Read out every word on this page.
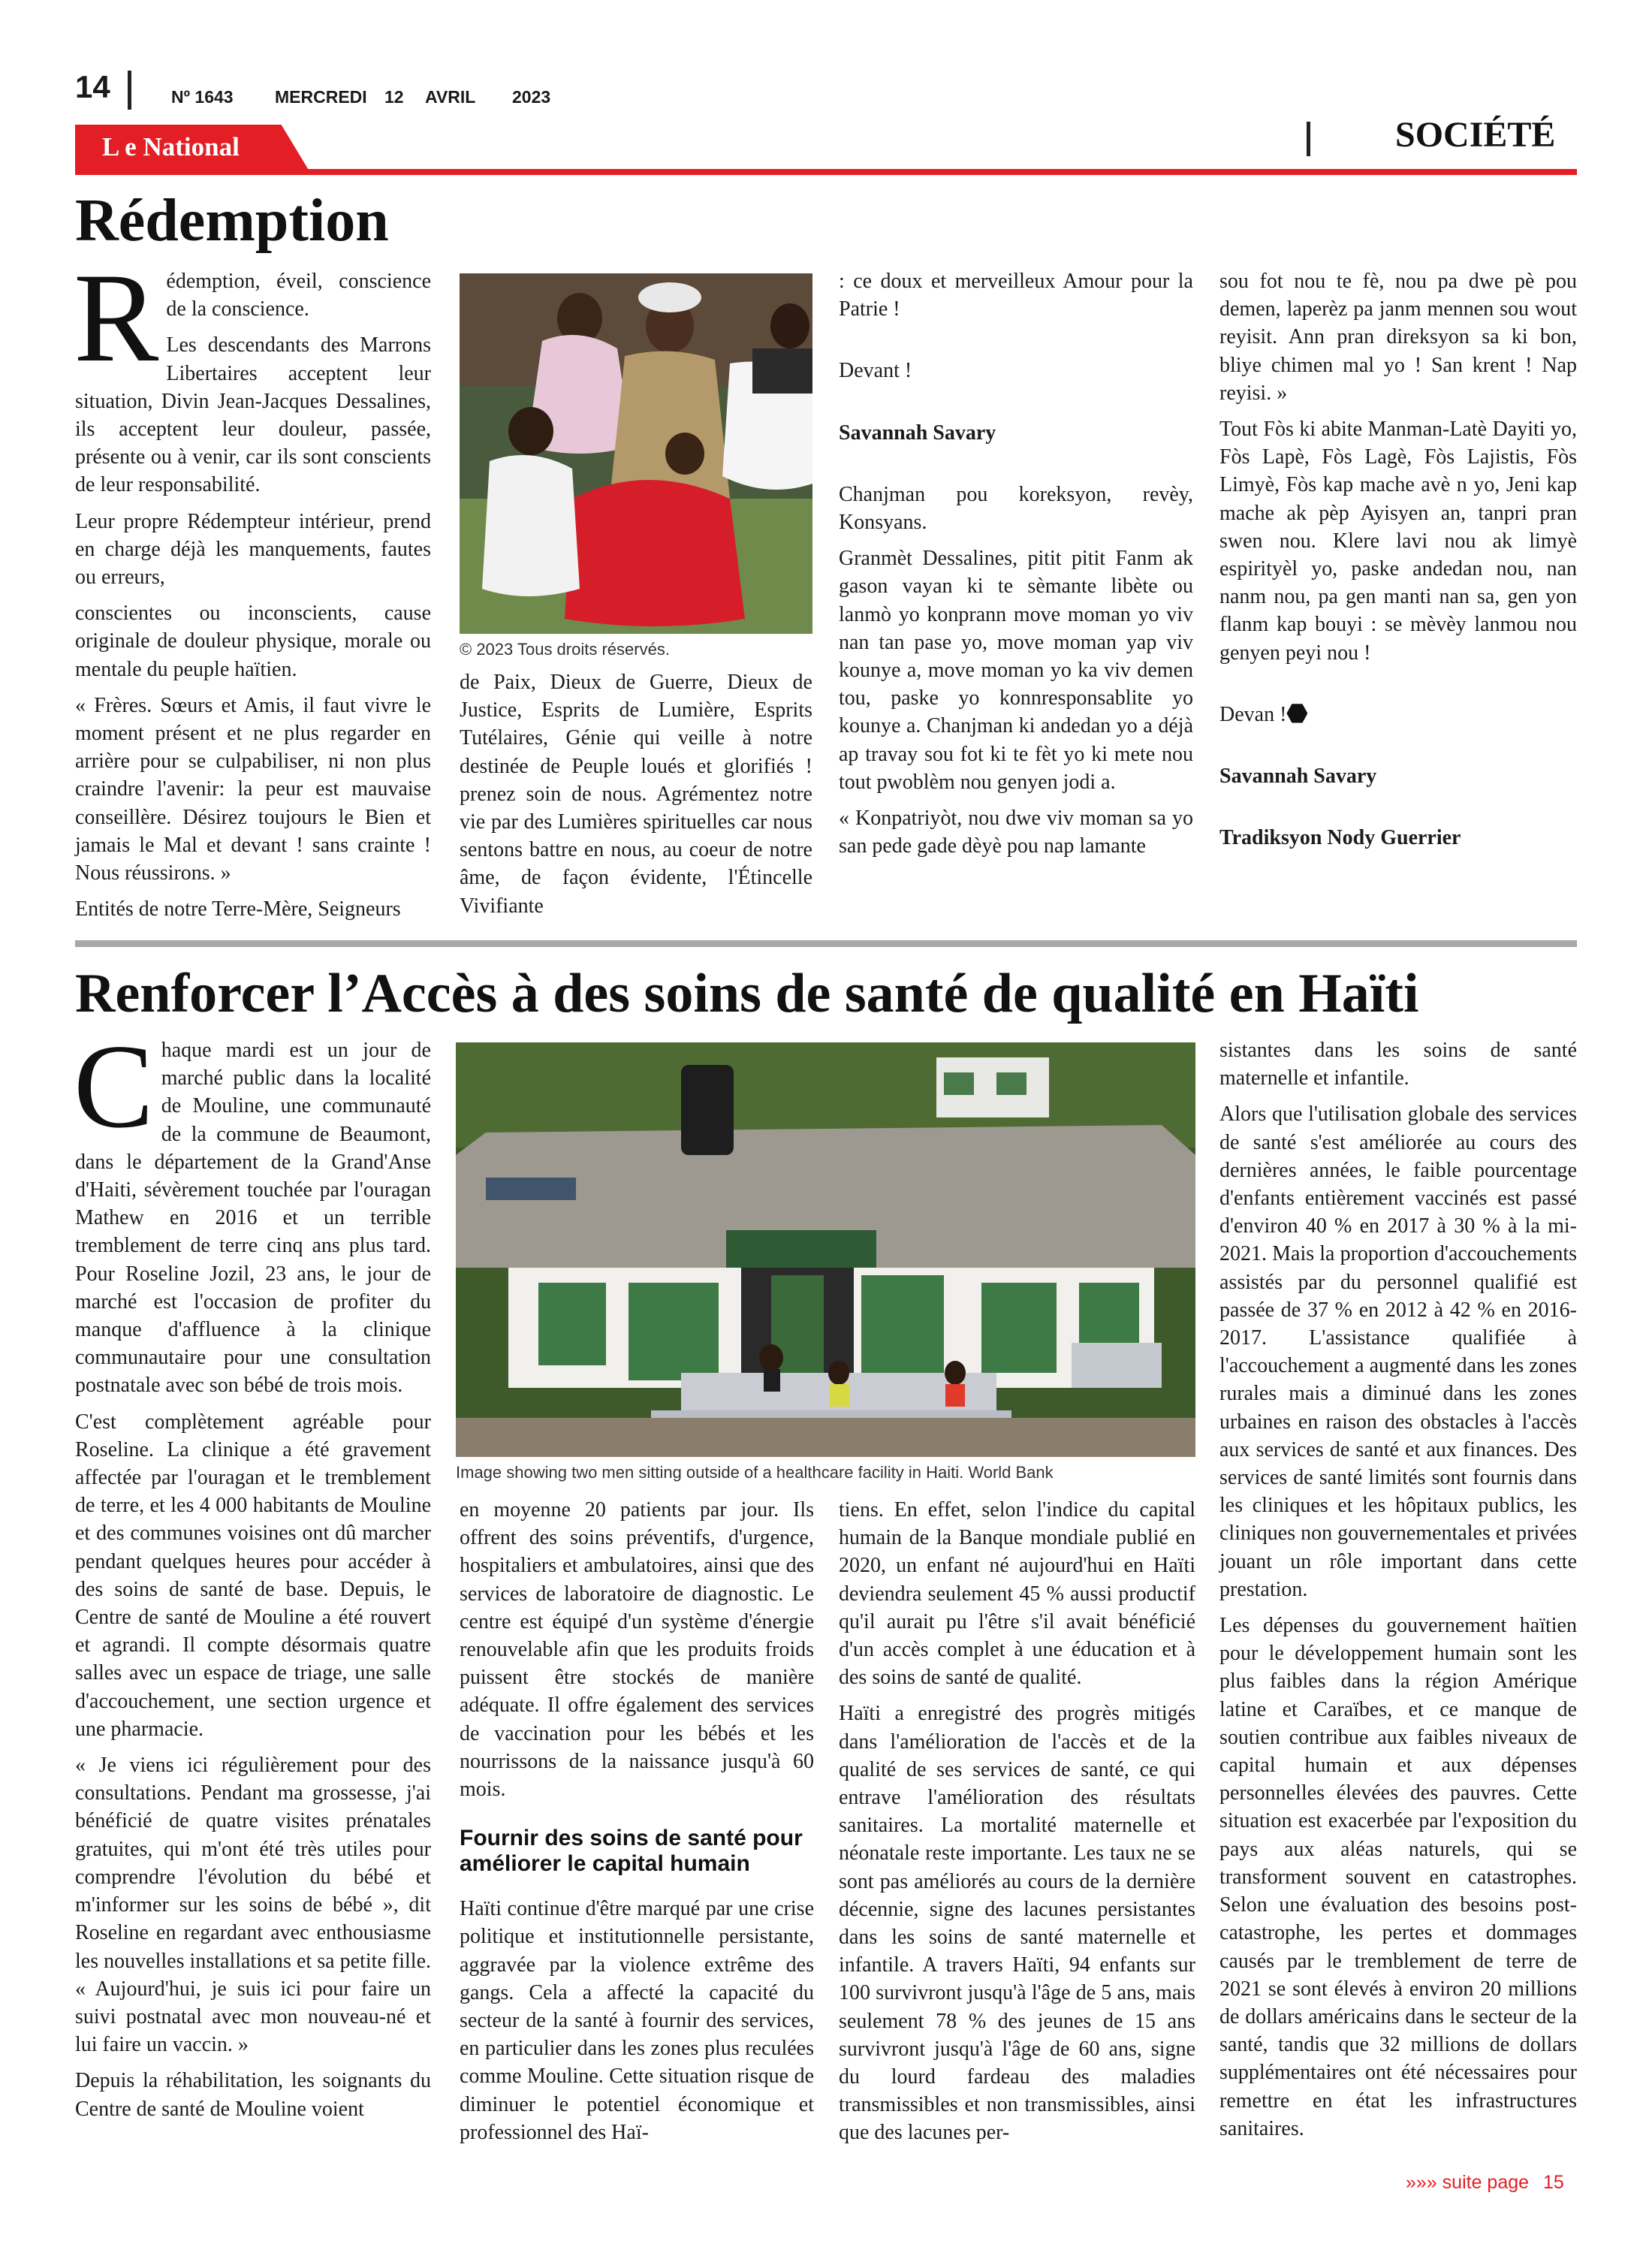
14	Nº 1643 MERCREDI 12 AVRIL 2023
L e National	SOCIÉTÉ
Rédemption
R édemption, éveil, conscience de la conscience.

Les descendants des Marrons Libertaires acceptent leur situation, Divin Jean-Jacques Dessalines, ils acceptent leur douleur, passée, présente ou à venir, car ils sont conscients de leur responsabilité.

Leur propre Rédempteur intérieur, prend en charge déjà les manquements, fautes ou erreurs,

conscientes ou inconscients, cause originale de douleur physique, morale ou mentale du peuple haïtien.

« Frères. Sœurs et Amis, il faut vivre le moment présent et ne plus regarder en arrière pour se culpabiliser, ni non plus craindre l'avenir: la peur est mauvaise conseillère. Désirez toujours le Bien et jamais le Mal et devant ! sans crainte ! Nous réussirons. »

Entités de notre Terre-Mère, Seigneurs

© 2023 Tous droits réservés.

de Paix, Dieux de Guerre, Dieux de Justice, Esprits de Lumière, Esprits Tutélaires, Génie qui veille à notre destinée de Peuple loués et glorifiés ! prenez soin de nous. Agrémentez notre vie par des Lumières spirituelles car nous sentons battre en nous, au coeur de notre âme, de façon évidente, l'Étincelle Vivifiante

: ce doux et merveilleux Amour pour la Patrie !

Devant !

Savannah Savary

Chanjman pou koreksyon, revèy, Konsyans.

Granmèt Dessalines, pitit pitit Fanm ak gason vayan ki te sèmante libète ou lanmò yo konprann move moman yo viv nan tan pase yo, move moman yap viv kounye a, move moman yo ka viv demen tou, paske yo konnresponsablite yo kounye a. Chanjman ki andedan yo a déjà ap travay sou fot ki te fèt yo ki mete nou tout pwoblèm nou genyen jodi a.

« Konpatriyòt, nou dwe viv moman sa yo san pede gade dèyè pou nap lamante

sou fot nou te fè, nou pa dwe pè pou demen, laperèz pa janm mennen sou wout reyisit. Ann pran direksyon sa ki bon, bliye chimen mal yo ! San krent ! Nap reyisi. »

Tout Fòs ki abite Manman-Latè Dayiti yo, Fòs Lapè, Fòs Lagè, Fòs Lajistis, Fòs Limyè, Fòs kap mache avè n yo, Jeni kap mache ak pèp Ayisyen an, tanpri pran swen nou. Klere lavi nou ak limyè espirityèl yo, paske andedan nou, nan nanm nou, pa gen manti nan sa, gen yon flanm kap bouyi : se mèvèy lanmou nou genyen peyi nou !

Devan !

Savannah Savary

Tradiksyon Nody Guerrier

Renforcer l’Accès à des soins de santé de qualité en Haïti
C haque mardi est un jour de marché public dans la localité de Mouline, une communauté de la commune de Beaumont, dans le département de la Grand'Anse d'Haiti, sévèrement touchée par l'ouragan Mathew en 2016 et un terrible tremblement de terre cinq ans plus tard. Pour Roseline Jozil, 23 ans, le jour de marché est l'occasion de profiter du manque d'affluence à la clinique communautaire pour une consultation postnatale avec son bébé de trois mois.

C'est complètement agréable pour Roseline. La clinique a été gravement affectée par l'ouragan et le tremblement de terre, et les 4 000 habitants de Mouline et des communes voisines ont dû marcher pendant quelques heures pour accéder à des soins de santé de base. Depuis, le Centre de santé de Mouline a été rouvert et agrandi. Il compte désormais quatre salles avec un espace de triage, une salle d'accouchement, une section urgence et une pharmacie.

« Je viens ici régulièrement pour des consultations. Pendant ma grossesse, j'ai bénéficié de quatre visites prénatales gratuites, qui m'ont été très utiles pour comprendre l'évolution du bébé et m'informer sur les soins de bébé », dit Roseline en regardant avec enthousiasme les nouvelles installations et sa petite fille. « Aujourd'hui, je suis ici pour faire un suivi postnatal avec mon nouveau-né et lui faire un vaccin. »

Depuis la réhabilitation, les soignants du Centre de santé de Mouline voient

Image showing two men sitting outside of a healthcare facility in Haiti. World Bank

en moyenne 20 patients par jour. Ils offrent des soins préventifs, d'urgence, hospitaliers et ambulatoires, ainsi que des services de laboratoire de diagnostic. Le centre est équipé d'un système d'énergie renouvelable afin que les produits froids puissent être stockés de manière adéquate. Il offre également des services de vaccination pour les bébés et les nourrissons de la naissance jusqu'à 60 mois.

Fournir des soins de santé pour améliorer le capital humain

Haïti continue d'être marqué par une crise politique et institutionnelle persistante, aggravée par la violence extrême des gangs. Cela a affecté la capacité du secteur de la santé à fournir des services, en particulier dans les zones plus reculées comme Mouline. Cette situation risque de diminuer le potentiel économique et professionnel des Haï-

tiens. En effet, selon l'indice du capital humain de la Banque mondiale publié en 2020, un enfant né aujourd'hui en Haïti deviendra seulement 45 % aussi productif qu'il aurait pu l'être s'il avait bénéficié d'un accès complet à une éducation et à des soins de santé de qualité.

Haïti a enregistré des progrès mitigés dans l'amélioration de l'accès et de la qualité de ses services de santé, ce qui entrave l'amélioration des résultats sanitaires. La mortalité maternelle et néonatale reste importante. Les taux ne se sont pas améliorés au cours de la dernière décennie, signe des lacunes persistantes dans les soins de santé maternelle et infantile. A travers Haïti, 94 enfants sur 100 survivront jusqu'à l'âge de 5 ans, mais seulement 78 % des jeunes de 15 ans survivront jusqu'à l'âge de 60 ans, signe du lourd fardeau des maladies transmissibles et non transmissibles, ainsi que des lacunes per-

sistantes dans les soins de santé maternelle et infantile.

Alors que l'utilisation globale des services de santé s'est améliorée au cours des dernières années, le faible pourcentage d'enfants entièrement vaccinés est passé d'environ 40 % en 2017 à 30 % à la mi-2021. Mais la proportion d'accouchements assistés par du personnel qualifié est passée de 37 % en 2012 à 42 % en 2016-2017. L'assistance qualifiée à l'accouchement a augmenté dans les zones rurales mais a diminué dans les zones urbaines en raison des obstacles à l'accès aux services de santé et aux finances. Des services de santé limités sont fournis dans les cliniques et les hôpitaux publics, les cliniques non gouvernementales et privées jouant un rôle important dans cette prestation.

Les dépenses du gouvernement haïtien pour le développement humain sont les plus faibles dans la région Amérique latine et Caraïbes, et ce manque de soutien contribue aux faibles niveaux de capital humain et aux dépenses personnelles élevées des pauvres. Cette situation est exacerbée par l'exposition du pays aux aléas naturels, qui se transforment souvent en catastrophes. Selon une évaluation des besoins post-catastrophe, les pertes et dommages causés par le tremblement de terre de 2021 se sont élevés à environ 20 millions de dollars américains dans le secteur de la santé, tandis que 32 millions de dollars supplémentaires ont été nécessaires pour remettre en état les infrastructures sanitaires.

»»» suite page 15
